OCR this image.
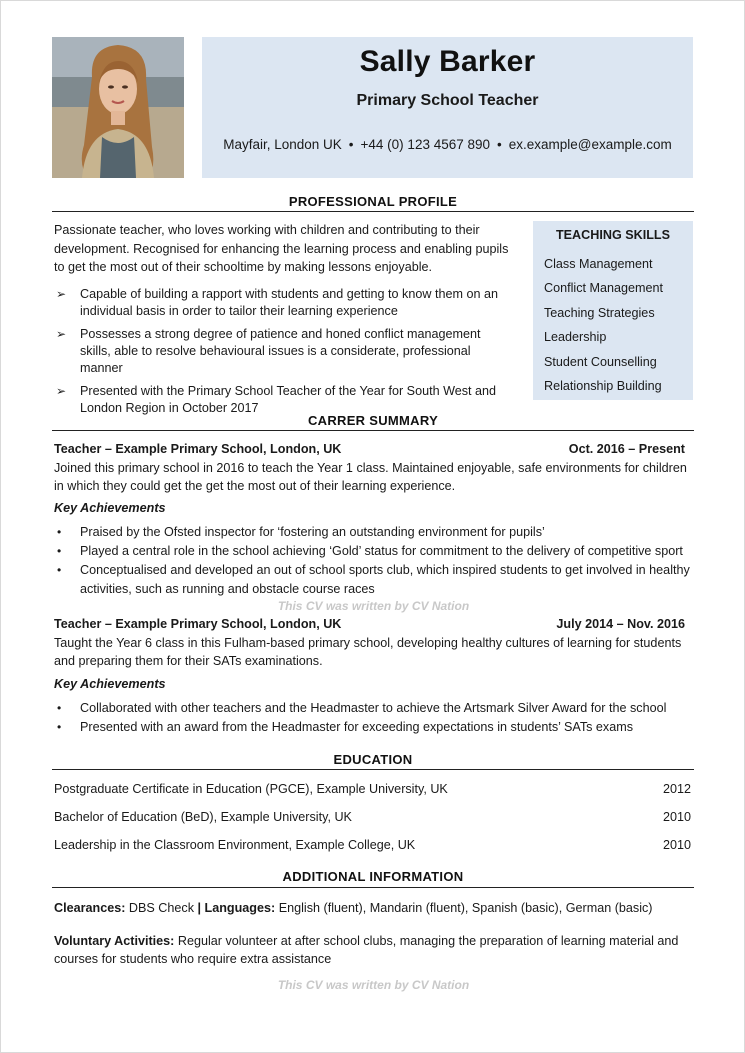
Sally Barker
Primary School Teacher
Mayfair, London UK • +44 (0) 123 4567 890 • ex.example@example.com
PROFESSIONAL PROFILE
Passionate teacher, who loves working with children and contributing to their development. Recognised for enhancing the learning process and enabling pupils to get the most out of their schooltime by making lessons enjoyable.
➢ Capable of building a rapport with students and getting to know them on an individual basis in order to tailor their learning experience
➢ Possesses a strong degree of patience and honed conflict management skills, able to resolve behavioural issues is a considerate, professional manner
➢ Presented with the Primary School Teacher of the Year for South West and London Region in October 2017
TEACHING SKILLS
Class Management
Conflict Management
Teaching Strategies
Leadership
Student Counselling
Relationship Building
CARRER SUMMARY
Teacher – Example Primary School, London, UK	Oct. 2016 – Present
Joined this primary school in 2016 to teach the Year 1 class. Maintained enjoyable, safe environments for children in which they could get the get the most out of their learning experience.
Key Achievements
• Praised by the Ofsted inspector for ‘fostering an outstanding environment for pupils’
• Played a central role in the school achieving ‘Gold’ status for commitment to the delivery of competitive sport
• Conceptualised and developed an out of school sports club, which inspired students to get involved in healthy activities, such as running and obstacle course races
This CV was written by CV Nation
Teacher – Example Primary School, London, UK	July 2014 – Nov. 2016
Taught the Year 6 class in this Fulham-based primary school, developing healthy cultures of learning for students and preparing them for their SATs examinations.
Key Achievements
• Collaborated with other teachers and the Headmaster to achieve the Artsmark Silver Award for the school
• Presented with an award from the Headmaster for exceeding expectations in students’ SATs exams
EDUCATION
Postgraduate Certificate in Education (PGCE), Example University, UK	2012
Bachelor of Education (BeD), Example University, UK	2010
Leadership in the Classroom Environment, Example College, UK	2010
ADDITIONAL INFORMATION
Clearances: DBS Check | Languages: English (fluent), Mandarin (fluent), Spanish (basic), German (basic)
Voluntary Activities: Regular volunteer at after school clubs, managing the preparation of learning material and courses for students who require extra assistance
This CV was written by CV Nation
